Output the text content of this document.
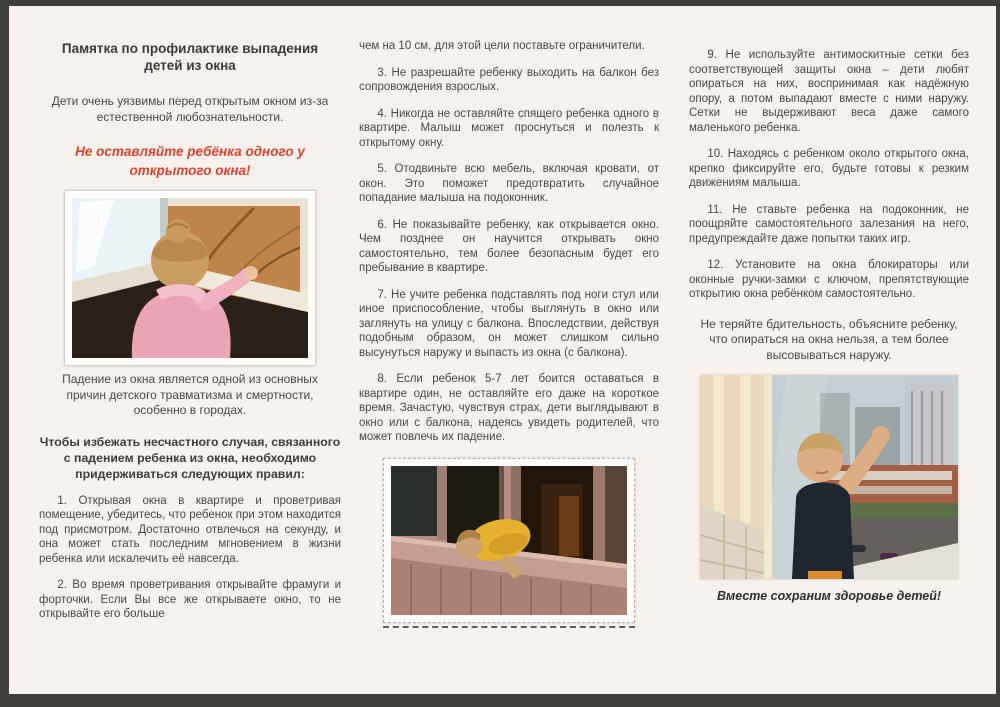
Памятка по профилактике выпадения детей из окна
Дети очень уязвимы перед открытым окном из-за естественной любознательности.
Не оставляйте ребёнка одного у открытого окна!
Падение из окна является одной из основных причин детского травматизма и смертности, особенно в городах.
Чтобы избежать несчастного случая, связанного с падением ребенка из окна, необходимо придерживаться следующих правил:

1. Открывая окна в квартире и проветривая помещение, убедитесь, что ребенок при этом находится под присмотром. Достаточно отвлечься на секунду, и она может стать последним мгновением в жизни ребенка или искалечить её навсегда.

2. Во время проветривания открывайте фрамуги и форточки. Если Вы все же открываете окно, то не открывайте его больше

чем на 10 см, для этой цели поставьте ограничители.

3. Не разрешайте ребенку выходить на балкон без сопровождения взрослых.

4. Никогда не оставляйте спящего ребенка одного в квартире. Малыш может проснуться и полезть к открытому окну.

5. Отодвиньте всю мебель, включая кровати, от окон. Это поможет предотвратить случайное попадание малыша на подоконник.

6. Не показывайте ребенку, как открывается окно. Чем позднее он научится открывать окно самостоятельно, тем более безопасным будет его пребывание в квартире.

7. Не учите ребенка подставлять под ноги стул или иное приспособление, чтобы выглянуть в окно или заглянуть на улицу с балкона. Впоследствии, действуя подобным образом, он может слишком сильно высунуться наружу и выпасть из окна (с балкона).

8. Если ребенок 5-7 лет боится оставаться в квартире один, не оставляйте его даже на короткое время. Зачастую, чувствуя страх, дети выглядывают в окно или с балкона, надеясь увидеть родителей, что может повлечь их падение.

9. Не используйте антимоскитные сетки без соответствующей защиты окна – дети любят опираться на них, воспринимая как надёжную опору, а потом выпадают вместе с ними наружу. Сетки не выдерживают веса даже самого маленького ребенка.

10. Находясь с ребенком около открытого окна, крепко фиксируйте его, будьте готовы к резким движениям малыша.

11. Не ставьте ребенка на подоконник, не поощряйте самостоятельного залезания на него, предупреждайте даже попытки таких игр.

12. Установите на окна блокираторы или оконные ручки-замки с ключом, препятствующие открытию окна ребёнком самостоятельно.

Не теряйте бдительность, объясните ребенку, что опираться на окна нельзя, а тем более высовываться наружу.
Вместе сохраним здоровье детей!
